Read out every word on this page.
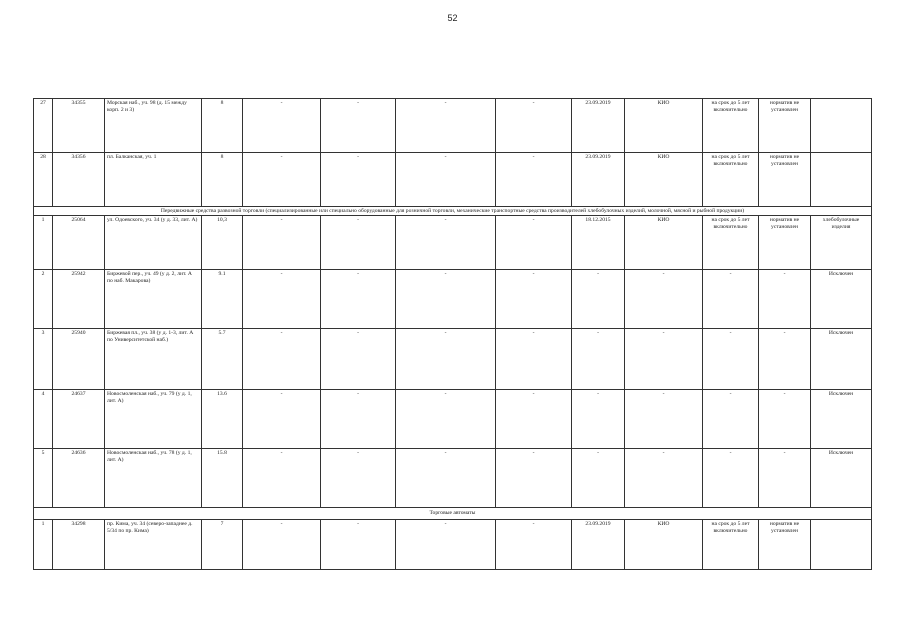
52
27	34355	Морская наб., уч. 98 (д. 15 между корп. 2 и 3)	8	-	-	-	-	23.09.2019	КИО	на срок до 5 лет включительно	норматив не установлен	
28	34356	пл. Балканская, уч. 1	8	-	-	-	-	23.09.2019	КИО	на срок до 5 лет включительно	норматив не установлен	
Передвижные средства развозной торговли (специализированные или специально оборудованные для розничной торговли, механические транспортные средства производителей хлебобулочных изделий, молочной, мясной и рыбной продукции)												
1	25064	ул. Одоевского, уч. 34 (у д. 33, лит. А)	10,3	-	-	-	-	18.12.2015	КИО	на срок до 5 лет включительно	норматив не установлен	хлебобулочные изделия
2	25942	Биржевой пер., уч. 49 (у д. 2, лит. А по наб. Макарова)	9.1	-	-	-	-	-	-	-	-	Исключен
3	25940	Биржевая пл., уч. 38 (у д. 1-3, лит. А по Университетской наб.)	5.7	-	-	-	-	-	-	-	-	Исключен
4	24637	Новосмоленская наб., уч. 79 (у д. 1, лит. А)	13.6	-	-	-	-	-	-	-	-	Исключен
5	24636	Новосмоленская наб., уч. 78 (у д. 1, лит. А)	15.8	-	-	-	-	-	-	-	-	Исключен
Торговые автоматы												
1	34298	пр. Кима, уч. 34 (северо-западнее д. 5/34 по пр. Кима)	7	-	-	-	-	23.09.2019	КИО	на срок до 5 лет включительно	норматив не установлен	
